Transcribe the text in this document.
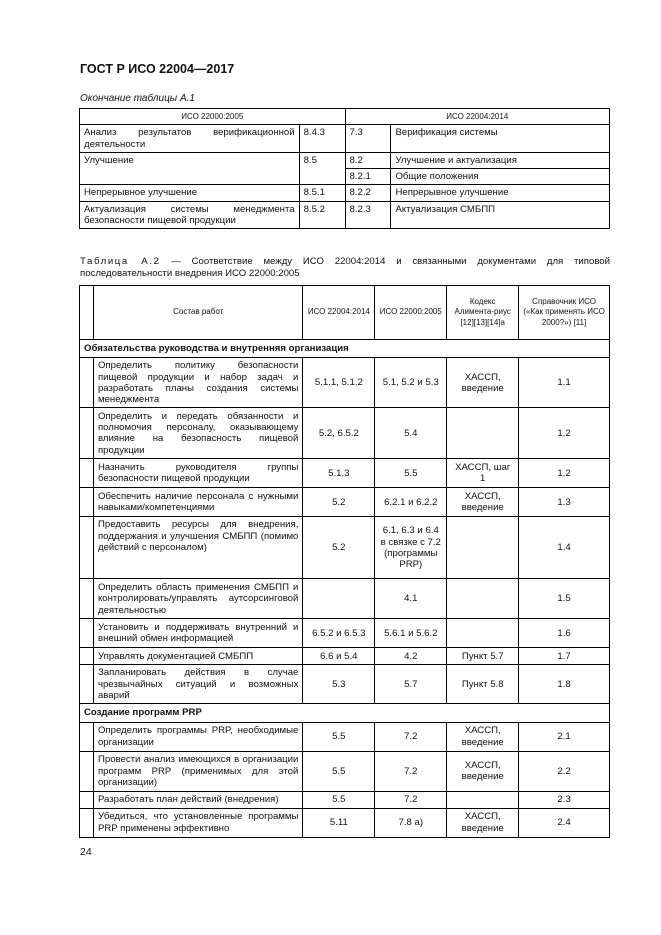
ГОСТ Р ИСО 22004—2017
Окончание таблицы А.1
ИСО 22000:2005		ИСО 22004:2014	
Анализ результатов верификационной деятельности	8.4.3	7.3	Верификация системы
Улучшение	8.5	8.2	Улучшение и актуализация
		8.2.1	Общие положения
Непрерывное улучшение	8.5.1	8.2.2	Непрерывное улучшение
Актуализация системы менеджмента безопасности пищевой продукции	8.5.2	8.2.3	Актуализация СМБПП
Таблица А.2 — Соответствие между ИСО 22004:2014 и связанными документами для типовой последовательности внедрения ИСО 22000:2005
	Состав работ	ИСО 22004:2014	ИСО 22000:2005	Кодекс Алимента-риус [12][13][14]а	Справочник ИСО («Как применять ИСО 2000?») [11]
Обязательства руководства и внутренняя организация					
	Определить политику безопасности пищевой продукции и набор задач и разработать планы создания системы менеджмента	5.1.1, 5.1.2	5.1, 5.2 и 5.3	ХАССП, введение	1.1
	Определить и передать обязанности и полномочия персоналу, оказывающему влияние на безопасность пищевой продукции	5.2, 6.5.2	5.4		1.2
	Назначить руководителя группы безопасности пищевой продукции	5.1.3	5.5	ХАССП, шаг 1	1.2
	Обеспечить наличие персонала с нужными навыками/компетенциями	5.2	6.2.1 и 6.2.2	ХАССП, введение	1.3
	Предоставить ресурсы для внедрения, поддержания и улучшения СМБПП (помимо действий с персоналом)	5.2	6.1, 6.3 и 6.4 в связке с 7.2 (программы PRP)		1.4
	Определить область применения СМБПП и контролировать/управлять аутсорсинговой деятельностью		4.1		1.5
	Установить и поддерживать внутренний и внешний обмен информацией	6.5.2 и 6.5.3	5.6.1 и 5.6.2		1.6
	Управлять документацией СМБПП	6.6 и 5.4	4.2	Пункт 5.7	1.7
	Запланировать действия в случае чрезвычайных ситуаций и возможных аварий	5.3	5.7	Пункт 5.8	1.8
Создание программ PRP					
	Определить программы PRP, необходимые организации	5.5	7.2	ХАССП, введение	2.1
	Провести анализ имеющихся в организации программ PRP (применимых для этой организации)	5.5	7.2	ХАССП, введение	2.2
	Разработать план действий (внедрения)	5.5	7.2		2.3
	Убедиться, что установленные программы PRP применены эффективно	5.11	7.8 а)	ХАССП, введение	2.4
24
